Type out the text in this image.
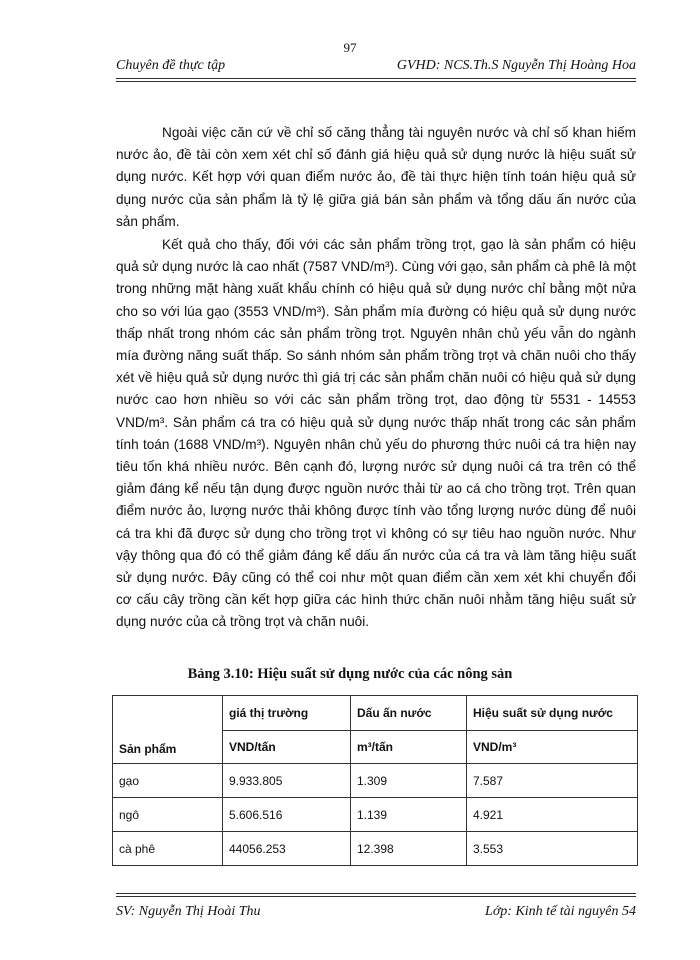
97
Chuyên đề thực tập	GVHD: NCS.Th.S Nguyễn Thị Hoàng Hoa

Ngoài việc căn cứ về chỉ số căng thẳng tài nguyên nước và chỉ số khan hiếm nước ảo, đề tài còn xem xét chỉ số đánh giá hiệu quả sử dụng nước là hiệu suất sử dụng nước. Kết hợp với quan điểm nước ảo, đề tài thực hiện tính toán hiệu quả sử dụng nước của sản phẩm là tỷ lệ giữa giá bán sản phẩm và tổng dấu ấn nước của sản phẩm.

Kết quả cho thấy, đối với các sản phẩm trồng trọt, gạo là sản phẩm có hiệu quả sử dụng nước là cao nhất (7587 VND/m³). Cùng với gạo, sản phẩm cà phê là một trong những mặt hàng xuất khẩu chính có hiệu quả sử dụng nước chỉ bằng một nửa cho so với lúa gạo (3553 VND/m³). Sản phẩm mía đường có hiệu quả sử dụng nước thấp nhất trong nhóm các sản phẩm trồng trọt. Nguyên nhân chủ yếu vẫn do ngành mía đường năng suất thấp. So sánh nhóm sản phẩm trồng trọt và chăn nuôi cho thấy xét về hiệu quả sử dụng nước thì giá trị các sản phẩm chăn nuôi có hiệu quả sử dụng nước cao hơn nhiều so với các sản phẩm trồng trọt, dao động từ 5531 - 14553 VND/m³. Sản phẩm cá tra có hiệu quả sử dụng nước thấp nhất trong các sản phẩm tính toán (1688 VND/m³). Nguyên nhân chủ yếu do phương thức nuôi cá tra hiện nay tiêu tốn khá nhiều nước. Bên cạnh đó, lượng nước sử dụng nuôi cá tra trên có thể giảm đáng kể nếu tận dụng được nguồn nước thải từ ao cá cho trồng trọt. Trên quan điểm nước ảo, lượng nước thải không được tính vào tổng lượng nước dùng để nuôi cá tra khi đã được sử dụng cho trồng trọt vì không có sự tiêu hao nguồn nước. Như vậy thông qua đó có thể giảm đáng kể dấu ấn nước của cá tra và làm tăng hiệu suất sử dụng nước. Đây cũng có thể coi như một quan điểm cần xem xét khi chuyển đổi cơ cấu cây trồng cần kết hợp giữa các hình thức chăn nuôi nhằm tăng hiệu suất sử dụng nước của cả trồng trọt và chăn nuôi.

Bảng 3.10: Hiệu suất sử dụng nước của các nông sản
Sản phẩm	giá thị trường	Dấu ấn nước	Hiệu suất sử dụng nước
	VND/tấn	m³/tấn	VND/m³
gạo	9.933.805	1.309	7.587
ngô	5.606.516	1.139	4.921
cà phê	44056.253	12.398	3.553
SV: Nguyễn Thị Hoài Thu	Lớp: Kinh tế tài nguyên 54
